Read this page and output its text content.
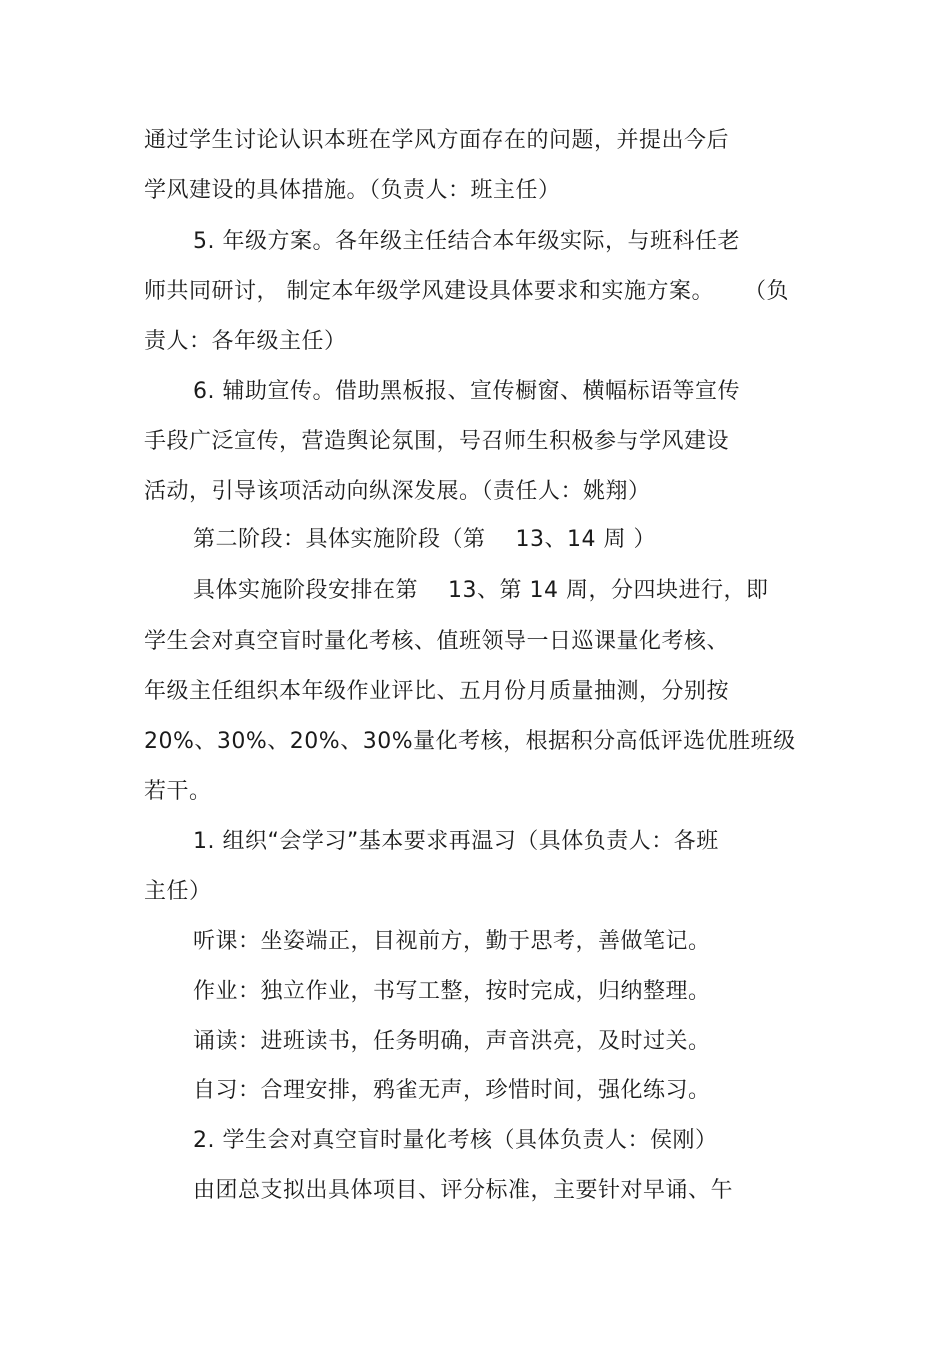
通过学生讨论认识本班在学风方面存在的问题，并提出今后
学风建设的具体措施。（负责人：班主任）
5. 年级方案。各年级主任结合本年级实际，与班科任老
师共同研讨， 制定本年级学风建设具体要求和实施方案。    （负
责人：各年级主任）
6. 辅助宣传。借助黑板报、宣传橱窗、横幅标语等宣传
手段广泛宣传，营造舆论氛围，号召师生积极参与学风建设
活动，引导该项活动向纵深发展。（责任人：姚翔）
第二阶段：具体实施阶段（第    13、14 周 ）
具体实施阶段安排在第    13、第 14 周，分四块进行，即
学生会对真空盲时量化考核、值班领导一日巡课量化考核、
年级主任组织本年级作业评比、五月份月质量抽测，分别按
20%、30%、20%、30%量化考核，根据积分高低评选优胜班级
若干。
1. 组织“会学习”基本要求再温习（具体负责人：各班
主任）
听课：坐姿端正，目视前方，勤于思考，善做笔记。
作业：独立作业，书写工整，按时完成，归纳整理。
诵读：进班读书，任务明确，声音洪亮，及时过关。
自习：合理安排，鸦雀无声，珍惜时间，强化练习。
2. 学生会对真空盲时量化考核（具体负责人：侯刚）
由团总支拟出具体项目、评分标准，主要针对早诵、午
